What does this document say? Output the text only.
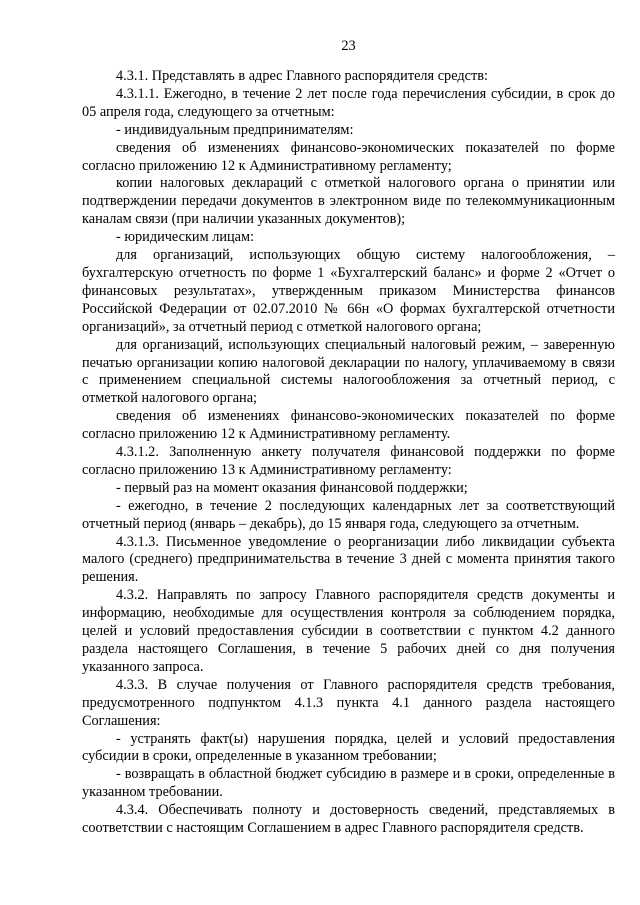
23

4.3.1. Представлять в адрес Главного распорядителя средств:

4.3.1.1. Ежегодно, в течение 2 лет после года перечисления субсидии, в срок до 05 апреля года, следующего за отчетным:

- индивидуальным предпринимателям:

сведения об изменениях финансово-экономических показателей по форме согласно приложению 12 к Административному регламенту;

копии налоговых деклараций с отметкой налогового органа о принятии или подтверждении передачи документов в электронном виде по телекоммуникационным каналам связи (при наличии указанных документов);

- юридическим лицам:

для организаций, использующих общую систему налогообложения, – бухгалтерскую отчетность по форме 1 «Бухгалтерский баланс» и форме 2 «Отчет о финансовых результатах», утвержденным приказом Министерства финансов Российской Федерации от 02.07.2010 № 66н «О формах бухгалтерской отчетности организаций», за отчетный период с отметкой налогового органа;

для организаций, использующих специальный налоговый режим, – заверенную печатью организации копию налоговой декларации по налогу, уплачиваемому в связи с применением специальной системы налогообложения за отчетный период, с отметкой налогового органа;

сведения об изменениях финансово-экономических показателей по форме согласно приложению 12 к Административному регламенту.

4.3.1.2. Заполненную анкету получателя финансовой поддержки по форме согласно приложению 13 к Административному регламенту:

- первый раз на момент оказания финансовой поддержки;

- ежегодно, в течение 2 последующих календарных лет за соответствующий отчетный период (январь – декабрь), до 15 января года, следующего за отчетным.

4.3.1.3. Письменное уведомление о реорганизации либо ликвидации субъекта малого (среднего) предпринимательства в течение 3 дней с момента принятия такого решения.

4.3.2. Направлять по запросу Главного распорядителя средств документы и информацию, необходимые для осуществления контроля за соблюдением порядка, целей и условий предоставления субсидии в соответствии с пунктом 4.2 данного раздела настоящего Соглашения, в течение 5 рабочих дней со дня получения указанного запроса.

4.3.3. В случае получения от Главного распорядителя средств требования, предусмотренного подпунктом 4.1.3 пункта 4.1 данного раздела настоящего Соглашения:

- устранять факт(ы) нарушения порядка, целей и условий предоставления субсидии в сроки, определенные в указанном требовании;

- возвращать в областной бюджет субсидию в размере и в сроки, определенные в указанном требовании.

4.3.4. Обеспечивать полноту и достоверность сведений, представляемых в соответствии с настоящим Соглашением в адрес Главного распорядителя средств.
